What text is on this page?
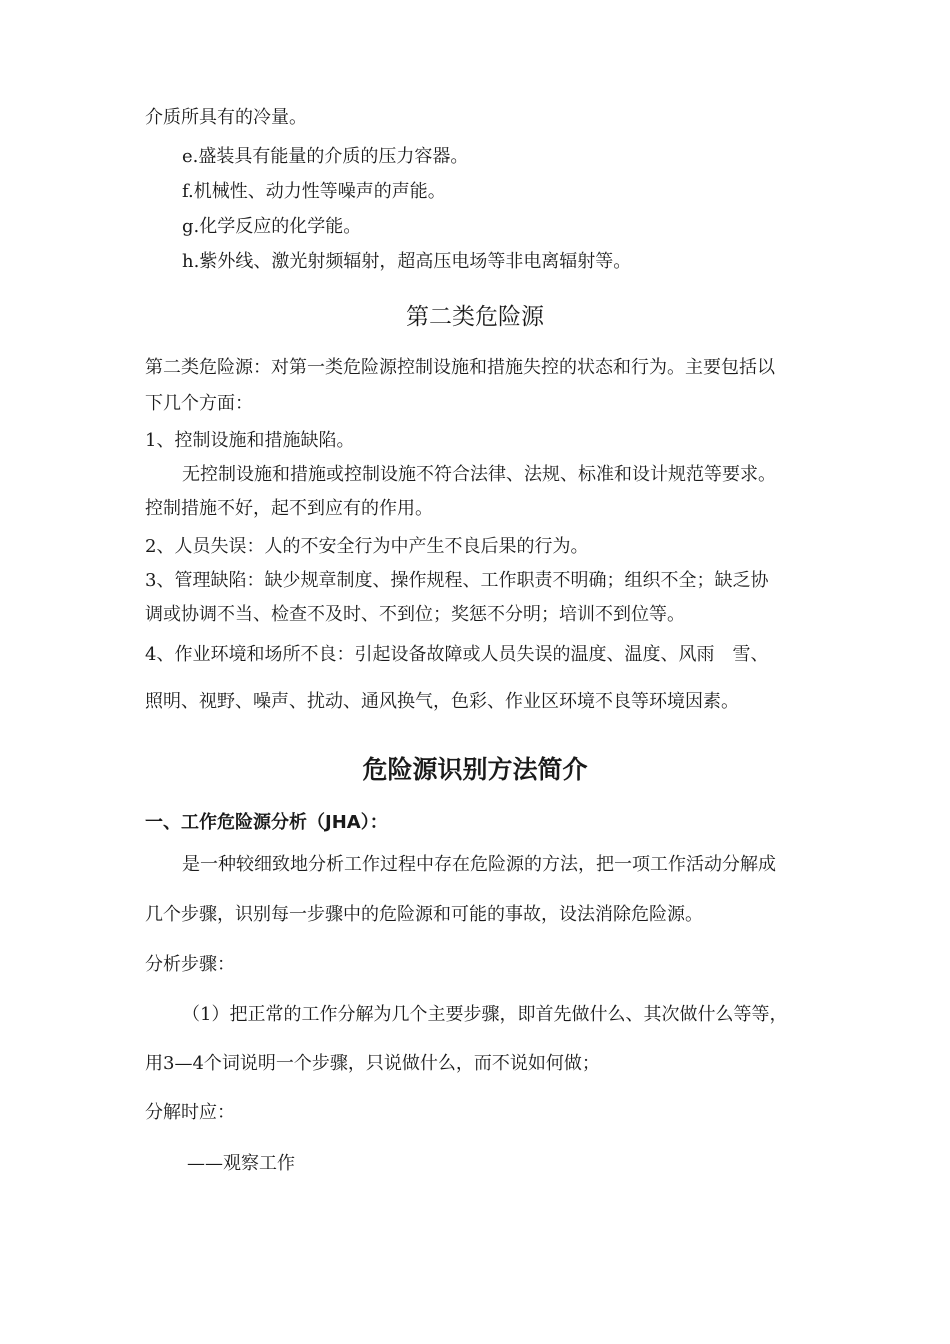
介质所具有的冷量。

e.盛装具有能量的介质的压力容器。

f.机械性、动力性等噪声的声能。

g.化学反应的化学能。

h.紫外线、激光射频辐射，超高压电场等非电离辐射等。

第二类危险源

第二类危险源：对第一类危险源控制设施和措施失控的状态和行为。主要包括以

下几个方面：

1、控制设施和措施缺陷。

无控制设施和措施或控制设施不符合法律、法规、标准和设计规范等要求。

控制措施不好，起不到应有的作用。

2、人员失误：人的不安全行为中产生不良后果的行为。

3、管理缺陷：缺少规章制度、操作规程、工作职责不明确；组织不全；缺乏协

调或协调不当、检查不及时、不到位；奖惩不分明；培训不到位等。

4、作业环境和场所不良：引起设备故障或人员失误的温度、温度、风雨　雪、

照明、视野、噪声、扰动、通风换气，色彩、作业区环境不良等环境因素。

危险源识别方法简介

一、工作危险源分析（JHA）：

是一种较细致地分析工作过程中存在危险源的方法，把一项工作活动分解成

几个步骤，识别每一步骤中的危险源和可能的事故，设法消除危险源。

分析步骤：

（1）把正常的工作分解为几个主要步骤，即首先做什么、其次做什么等等，

用3—4个词说明一个步骤，只说做什么，而不说如何做；

分解时应：

——观察工作
